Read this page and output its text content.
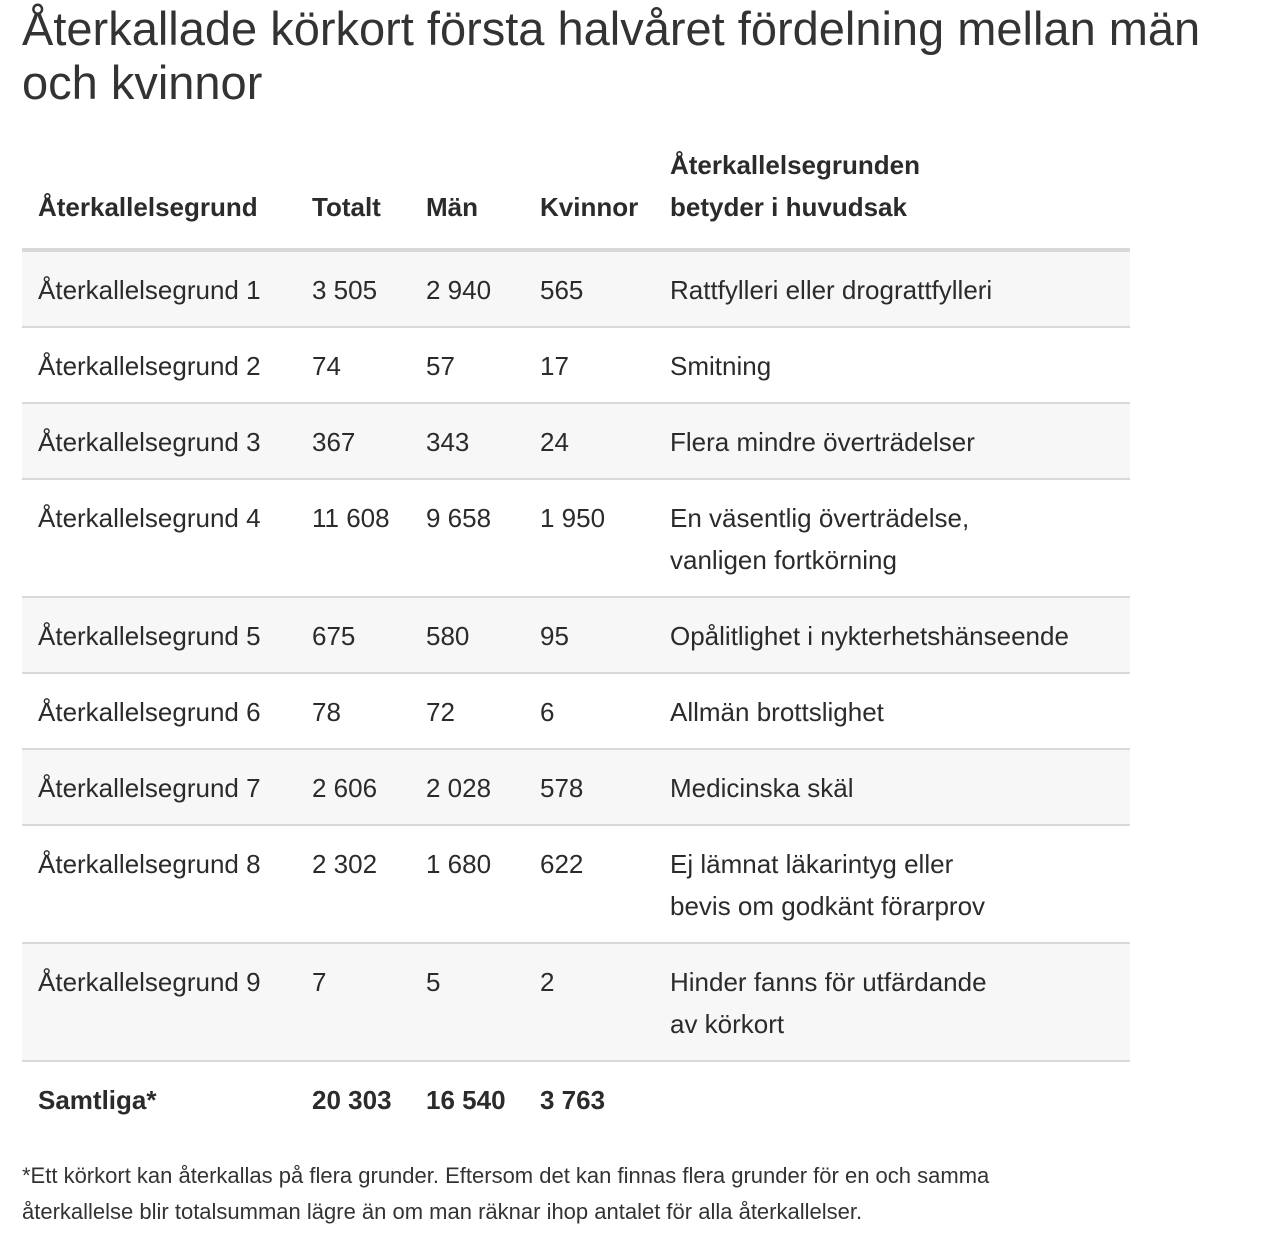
Återkallade körkort första halvåret fördelning mellan män och kvinnor
Återkallelsegrund	Totalt	Män	Kvinnor	Återkallelsegrunden
betyder i huvudsak

Återkallelsegrund 1	3 505	2 940	565	Rattfylleri eller drograttfylleri

Återkallelsegrund 2	74	57	17	Smitning

Återkallelsegrund 3	367	343	24	Flera mindre överträdelser

Återkallelsegrund 4	11 608	9 658	1 950	En väsentlig överträdelse,
vanligen fortkörning

Återkallelsegrund 5	675	580	95	Opålitlighet i nykterhetshänseende

Återkallelsegrund 6	78	72	6	Allmän brottslighet

Återkallelsegrund 7	2 606	2 028	578	Medicinska skäl

Återkallelsegrund 8	2 302	1 680	622	Ej lämnat läkarintyg eller
bevis om godkänt förarprov

Återkallelsegrund 9	7	5	2	Hinder fanns för utfärdande
av körkort

Samtliga*	20 303	16 540	3 763	

*Ett körkort kan återkallas på flera grunder. Eftersom det kan finnas flera grunder för en och samma
återkallelse blir totalsumman lägre än om man räknar ihop antalet för alla återkallelser.
